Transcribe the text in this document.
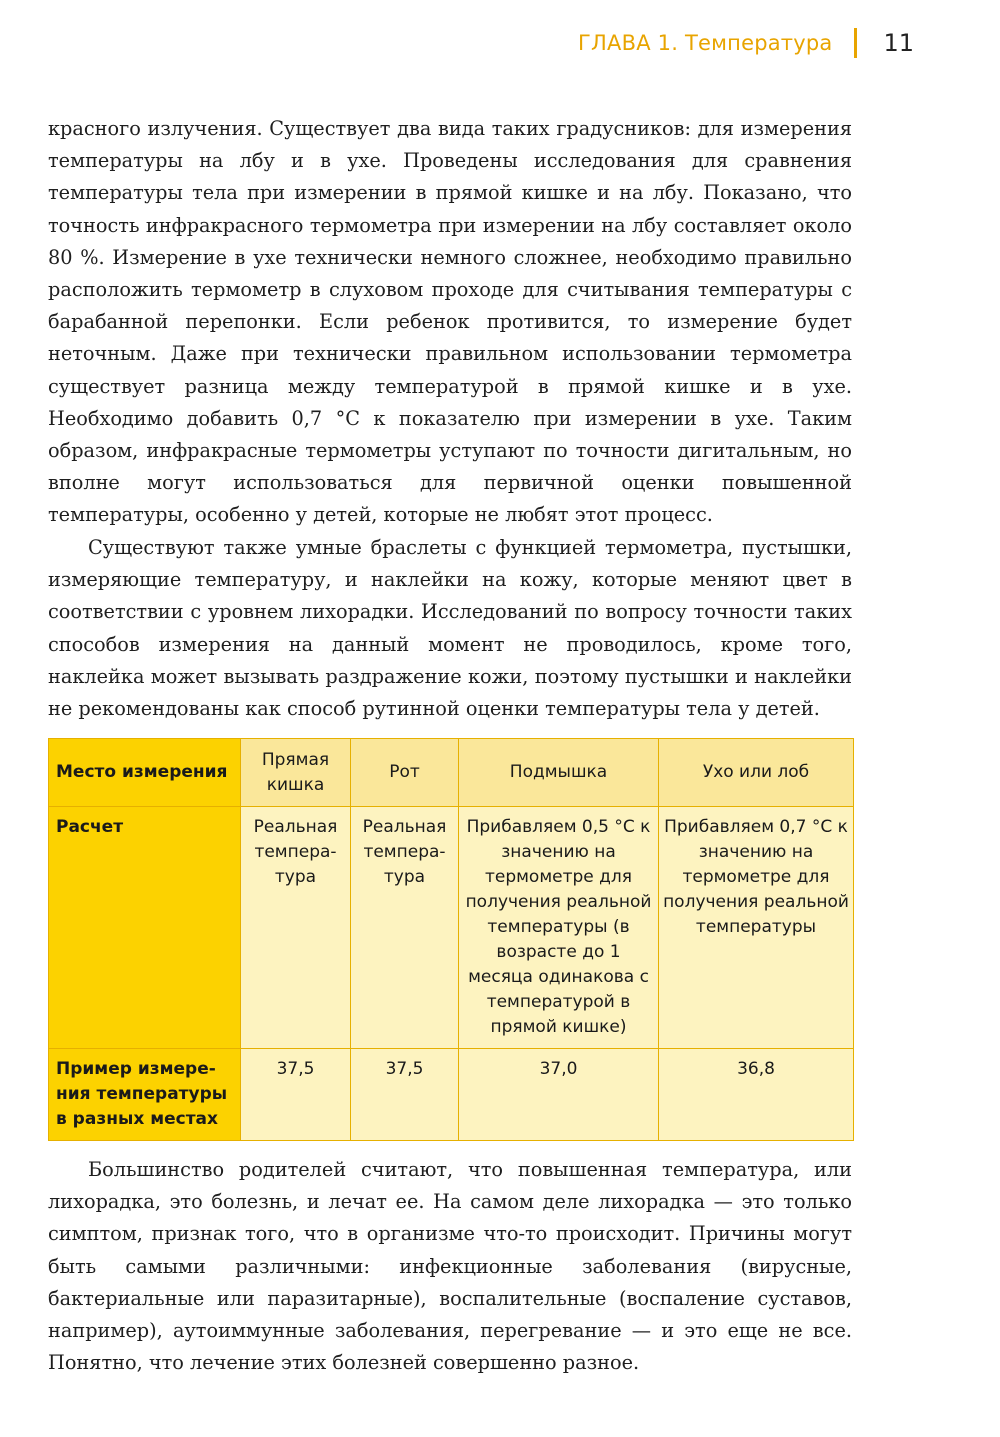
ГЛАВА 1. Температура 11

красного излучения. Существует два вида таких градусников: для измерения температуры на лбу и в ухе. Проведены исследования для сравнения температуры тела при измерении в прямой кишке и на лбу. Показано, что точность инфракрасного термометра при измерении на лбу составляет около 80 %. Измерение в ухе технически немного сложнее, необходимо правильно расположить термометр в слуховом проходе для считывания температуры с барабанной перепонки. Если ребенок противится, то измерение будет неточным. Даже при технически правильном использовании термометра существует разница между температурой в прямой кишке и в ухе. Необходимо добавить 0,7 °С к показателю при измерении в ухе. Таким образом, инфракрасные термометры уступают по точности дигитальным, но вполне могут использоваться для первичной оценки повышенной температуры, особенно у детей, которые не любят этот процесс.

Существуют также умные браслеты с функцией термометра, пустышки, измеряющие температуру, и наклейки на кожу, которые меняют цвет в соответствии с уровнем лихорадки. Исследований по вопросу точности таких способов измерения на данный момент не проводилось, кроме того, наклейка может вызывать раздражение кожи, поэтому пустышки и наклейки не рекомендованы как способ рутинной оценки температуры тела у детей.

Место измерения	Прямая кишка	Рот	Подмышка	Ухо или лоб
Расчет	Реальная температура	Реальная температура	Прибавляем 0,5 °С к значению на термометре для получения реальной температуры (в возрасте до 1 месяца одинакова с температурой в прямой кишке)	Прибавляем 0,7 °С к значению на термометре для получения реальной температуры
Пример измерения температуры в разных местах	37,5	37,5	37,0	36,8

Большинство родителей считают, что повышенная температура, или лихорадка, это болезнь, и лечат ее. На самом деле лихорадка — это только симптом, признак того, что в организме что-то происходит. Причины могут быть самыми различными: инфекционные заболевания (вирусные, бактериальные или паразитарные), воспалительные (воспаление суставов, например), аутоиммунные заболевания, перегревание — и это еще не все. Понятно, что лечение этих болезней совершенно разное.
